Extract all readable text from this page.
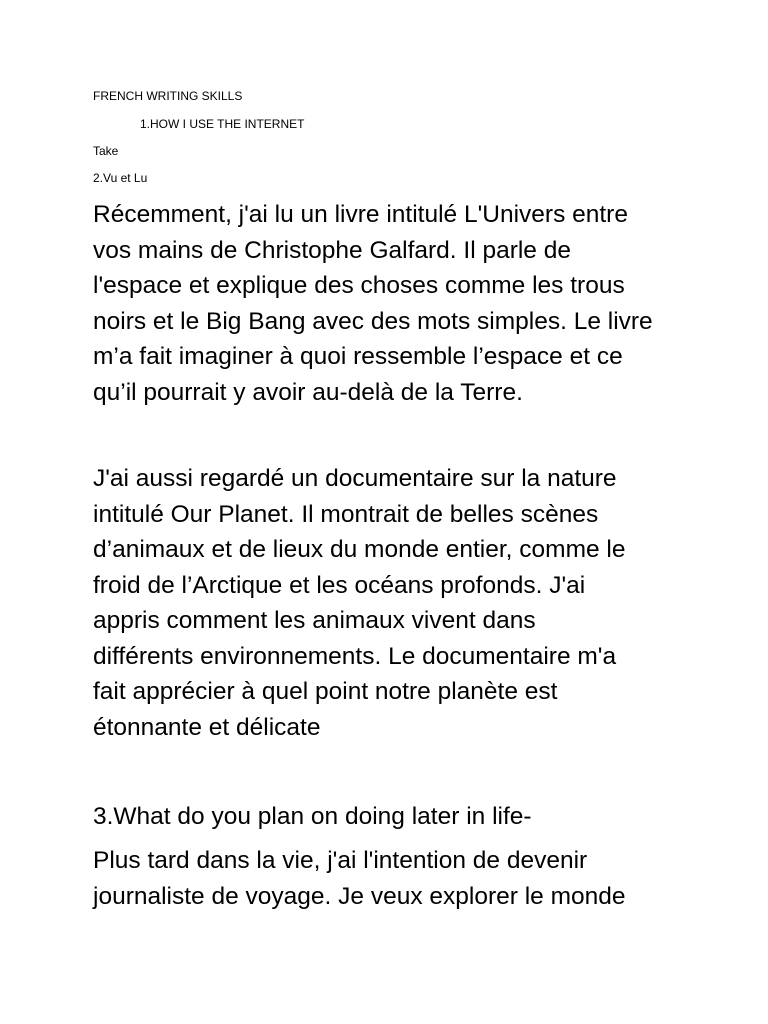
FRENCH WRITING SKILLS
1.HOW I USE THE INTERNET
Take
2.Vu et Lu

Récemment, j'ai lu un livre intitulé L'Univers entre
vos mains de Christophe Galfard. Il parle de
l'espace et explique des choses comme les trous
noirs et le Big Bang avec des mots simples. Le livre
m’a fait imaginer à quoi ressemble l’espace et ce
qu’il pourrait y avoir au-delà de la Terre.

J'ai aussi regardé un documentaire sur la nature
intitulé Our Planet. Il montrait de belles scènes
d’animaux et de lieux du monde entier, comme le
froid de l’Arctique et les océans profonds. J'ai
appris comment les animaux vivent dans
différents environnements. Le documentaire m'a
fait apprécier à quel point notre planète est
étonnante et délicate

3.What do you plan on doing later in life-

Plus tard dans la vie, j'ai l'intention de devenir
journaliste de voyage. Je veux explorer le monde
